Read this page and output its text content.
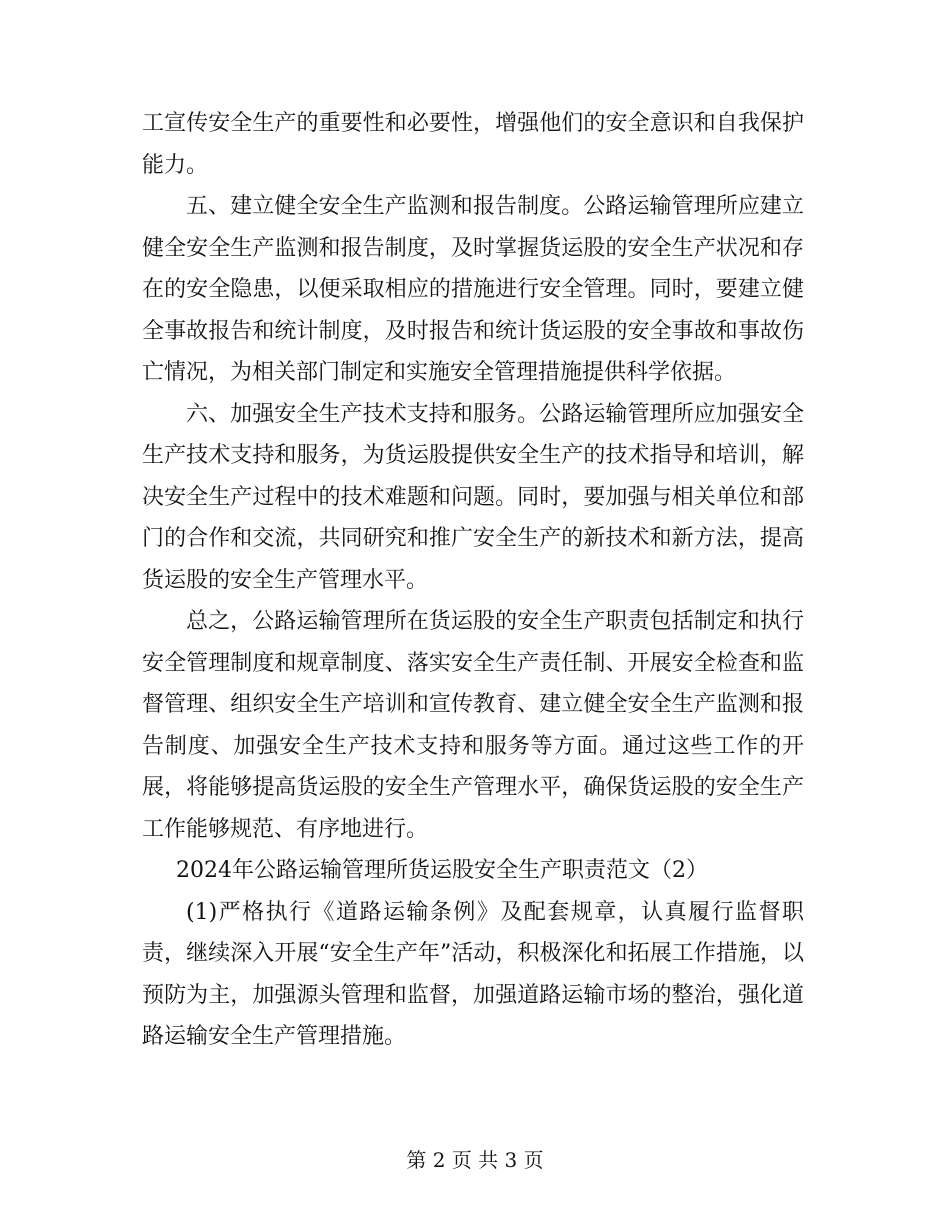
工宣传安全生产的重要性和必要性，增强他们的安全意识和自我保护能力。

五、建立健全安全生产监测和报告制度。公路运输管理所应建立健全安全生产监测和报告制度，及时掌握货运股的安全生产状况和存在的安全隐患，以便采取相应的措施进行安全管理。同时，要建立健全事故报告和统计制度，及时报告和统计货运股的安全事故和事故伤亡情况，为相关部门制定和实施安全管理措施提供科学依据。

六、加强安全生产技术支持和服务。公路运输管理所应加强安全生产技术支持和服务，为货运股提供安全生产的技术指导和培训，解决安全生产过程中的技术难题和问题。同时，要加强与相关单位和部门的合作和交流，共同研究和推广安全生产的新技术和新方法，提高货运股的安全生产管理水平。

总之，公路运输管理所在货运股的安全生产职责包括制定和执行安全管理制度和规章制度、落实安全生产责任制、开展安全检查和监督管理、组织安全生产培训和宣传教育、建立健全安全生产监测和报告制度、加强安全生产技术支持和服务等方面。通过这些工作的开展，将能够提高货运股的安全生产管理水平，确保货运股的安全生产工作能够规范、有序地进行。

2024年公路运输管理所货运股安全生产职责范文（2）

(1)严格执行《道路运输条例》及配套规章，认真履行监督职责，继续深入开展“安全生产年”活动，积极深化和拓展工作措施，以预防为主，加强源头管理和监督，加强道路运输市场的整治，强化道路运输安全生产管理措施。

第 2 页 共 3 页
